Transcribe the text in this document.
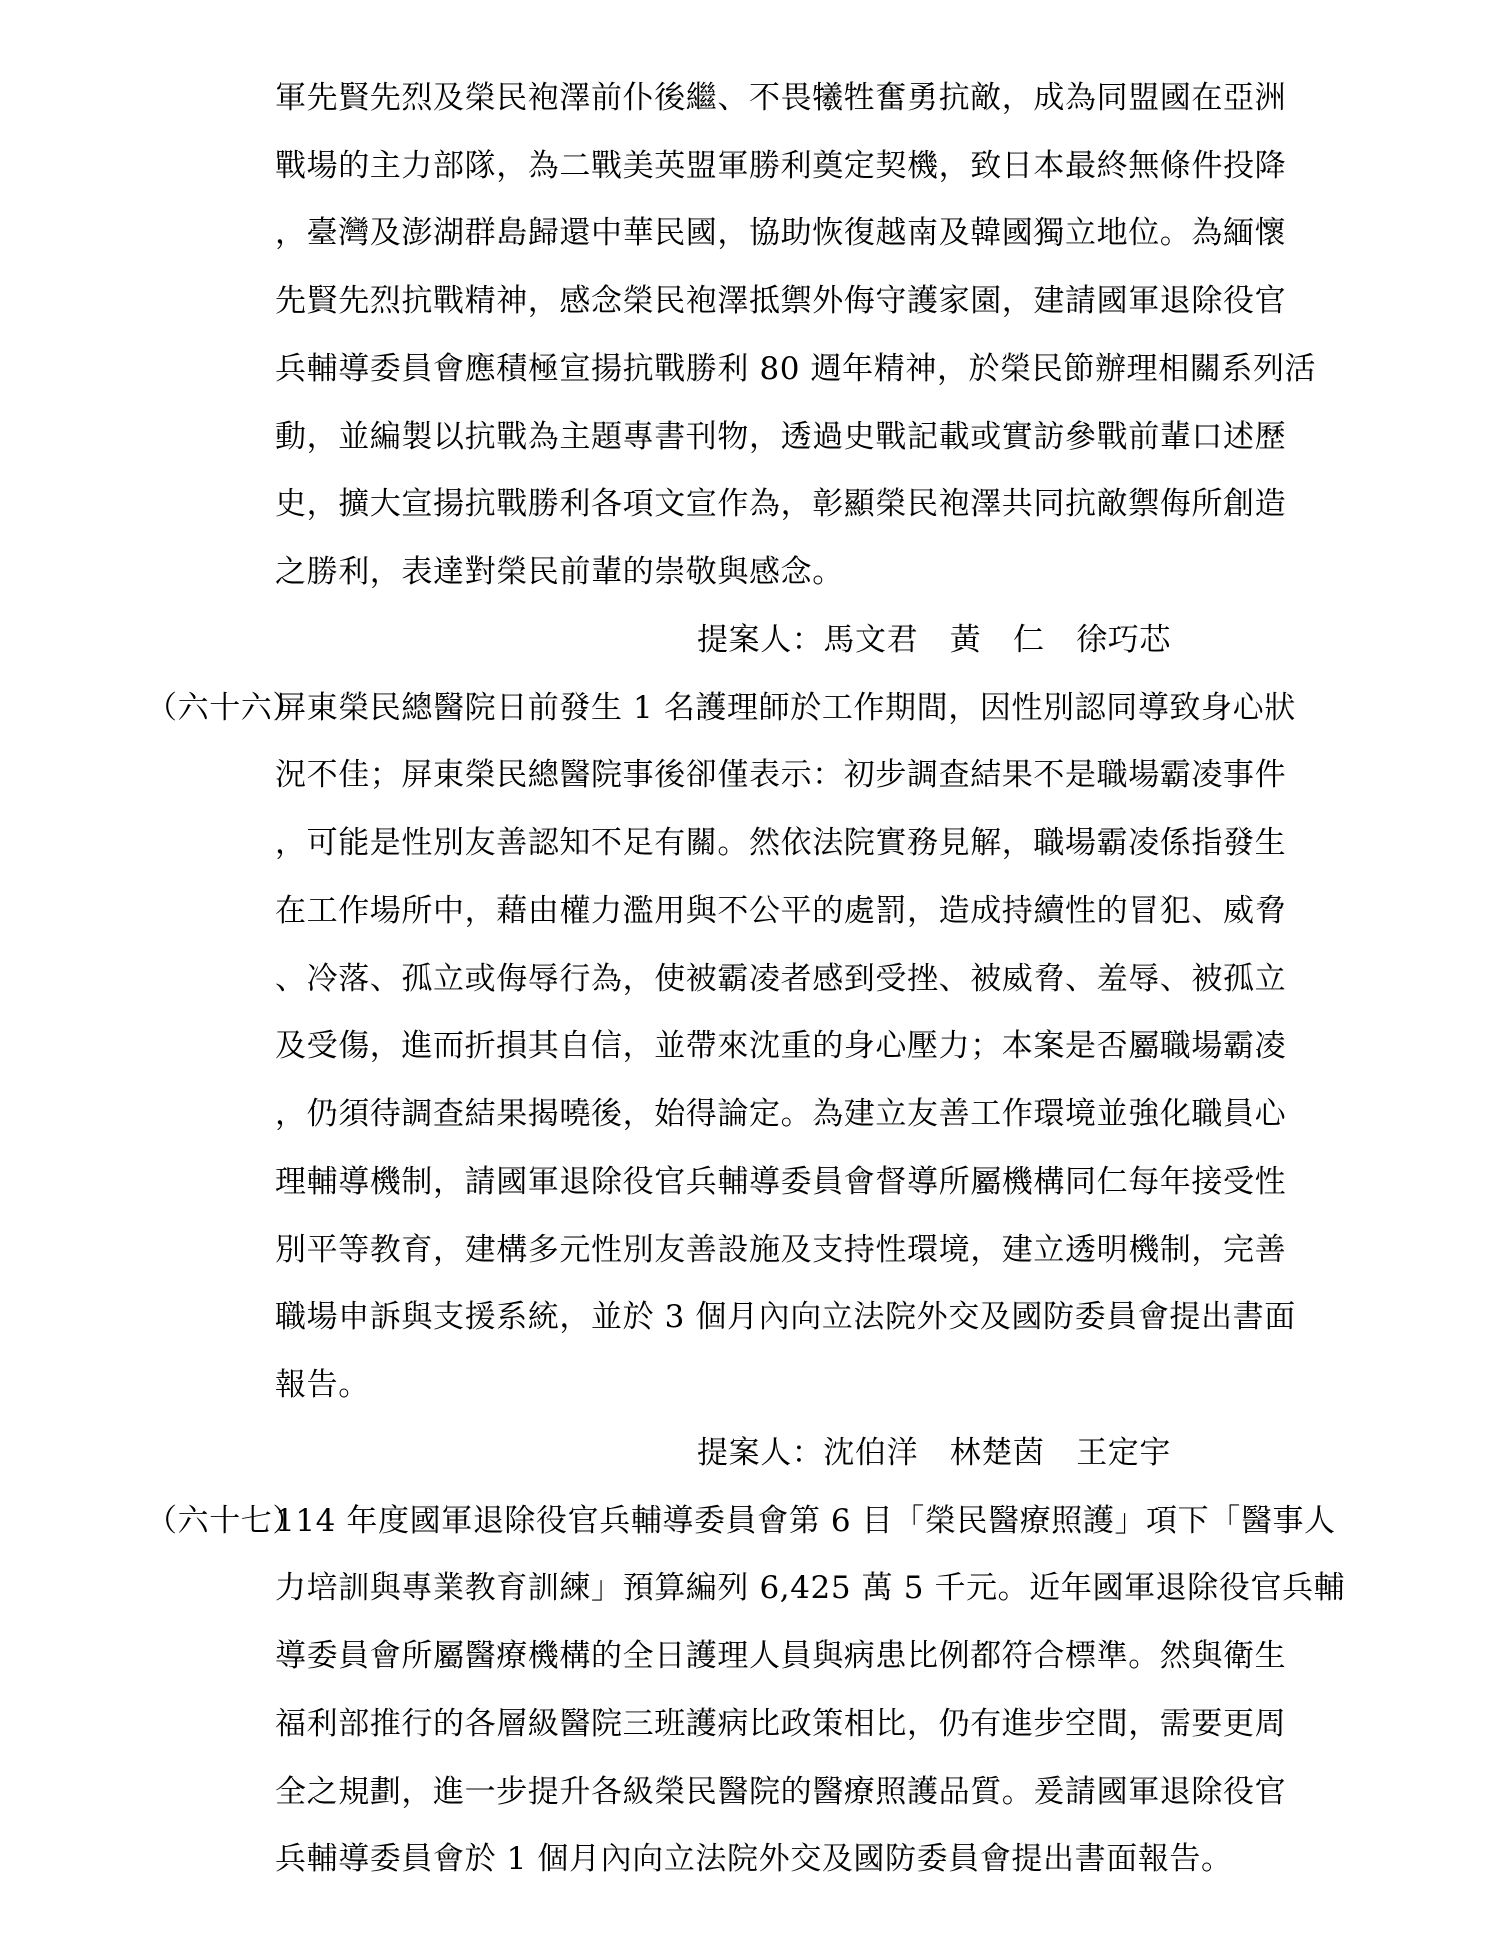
軍先賢先烈及榮民袍澤前仆後繼、不畏犧牲奮勇抗敵，成為同盟國在亞洲
戰場的主力部隊，為二戰美英盟軍勝利奠定契機，致日本最終無條件投降
，臺灣及澎湖群島歸還中華民國，協助恢復越南及韓國獨立地位。為緬懷
先賢先烈抗戰精神，感念榮民袍澤抵禦外侮守護家園，建請國軍退除役官
兵輔導委員會應積極宣揚抗戰勝利 80 週年精神，於榮民節辦理相關系列活
動，並編製以抗戰為主題專書刊物，透過史戰記載或實訪參戰前輩口述歷
史，擴大宣揚抗戰勝利各項文宣作為，彰顯榮民袍澤共同抗敵禦侮所創造
之勝利，表達對榮民前輩的崇敬與感念。
提案人：馬文君　黃　仁　徐巧芯
（六十六）
屏東榮民總醫院日前發生 1 名護理師於工作期間，因性別認同導致身心狀
況不佳；屏東榮民總醫院事後卻僅表示：初步調查結果不是職場霸凌事件
，可能是性別友善認知不足有關。然依法院實務見解，職場霸凌係指發生
在工作場所中，藉由權力濫用與不公平的處罰，造成持續性的冒犯、威脅
、冷落、孤立或侮辱行為，使被霸凌者感到受挫、被威脅、羞辱、被孤立
及受傷，進而折損其自信，並帶來沈重的身心壓力；本案是否屬職場霸凌
，仍須待調查結果揭曉後，始得論定。為建立友善工作環境並強化職員心
理輔導機制，請國軍退除役官兵輔導委員會督導所屬機構同仁每年接受性
別平等教育，建構多元性別友善設施及支持性環境，建立透明機制，完善
職場申訴與支援系統，並於 3 個月內向立法院外交及國防委員會提出書面
報告。
提案人：沈伯洋　林楚茵　王定宇
（六十七）
114 年度國軍退除役官兵輔導委員會第 6 目「榮民醫療照護」項下「醫事人
力培訓與專業教育訓練」預算編列 6,425 萬 5 千元。近年國軍退除役官兵輔
導委員會所屬醫療機構的全日護理人員與病患比例都符合標準。然與衛生
福利部推行的各層級醫院三班護病比政策相比，仍有進步空間，需要更周
全之規劃，進一步提升各級榮民醫院的醫療照護品質。爰請國軍退除役官
兵輔導委員會於 1 個月內向立法院外交及國防委員會提出書面報告。
